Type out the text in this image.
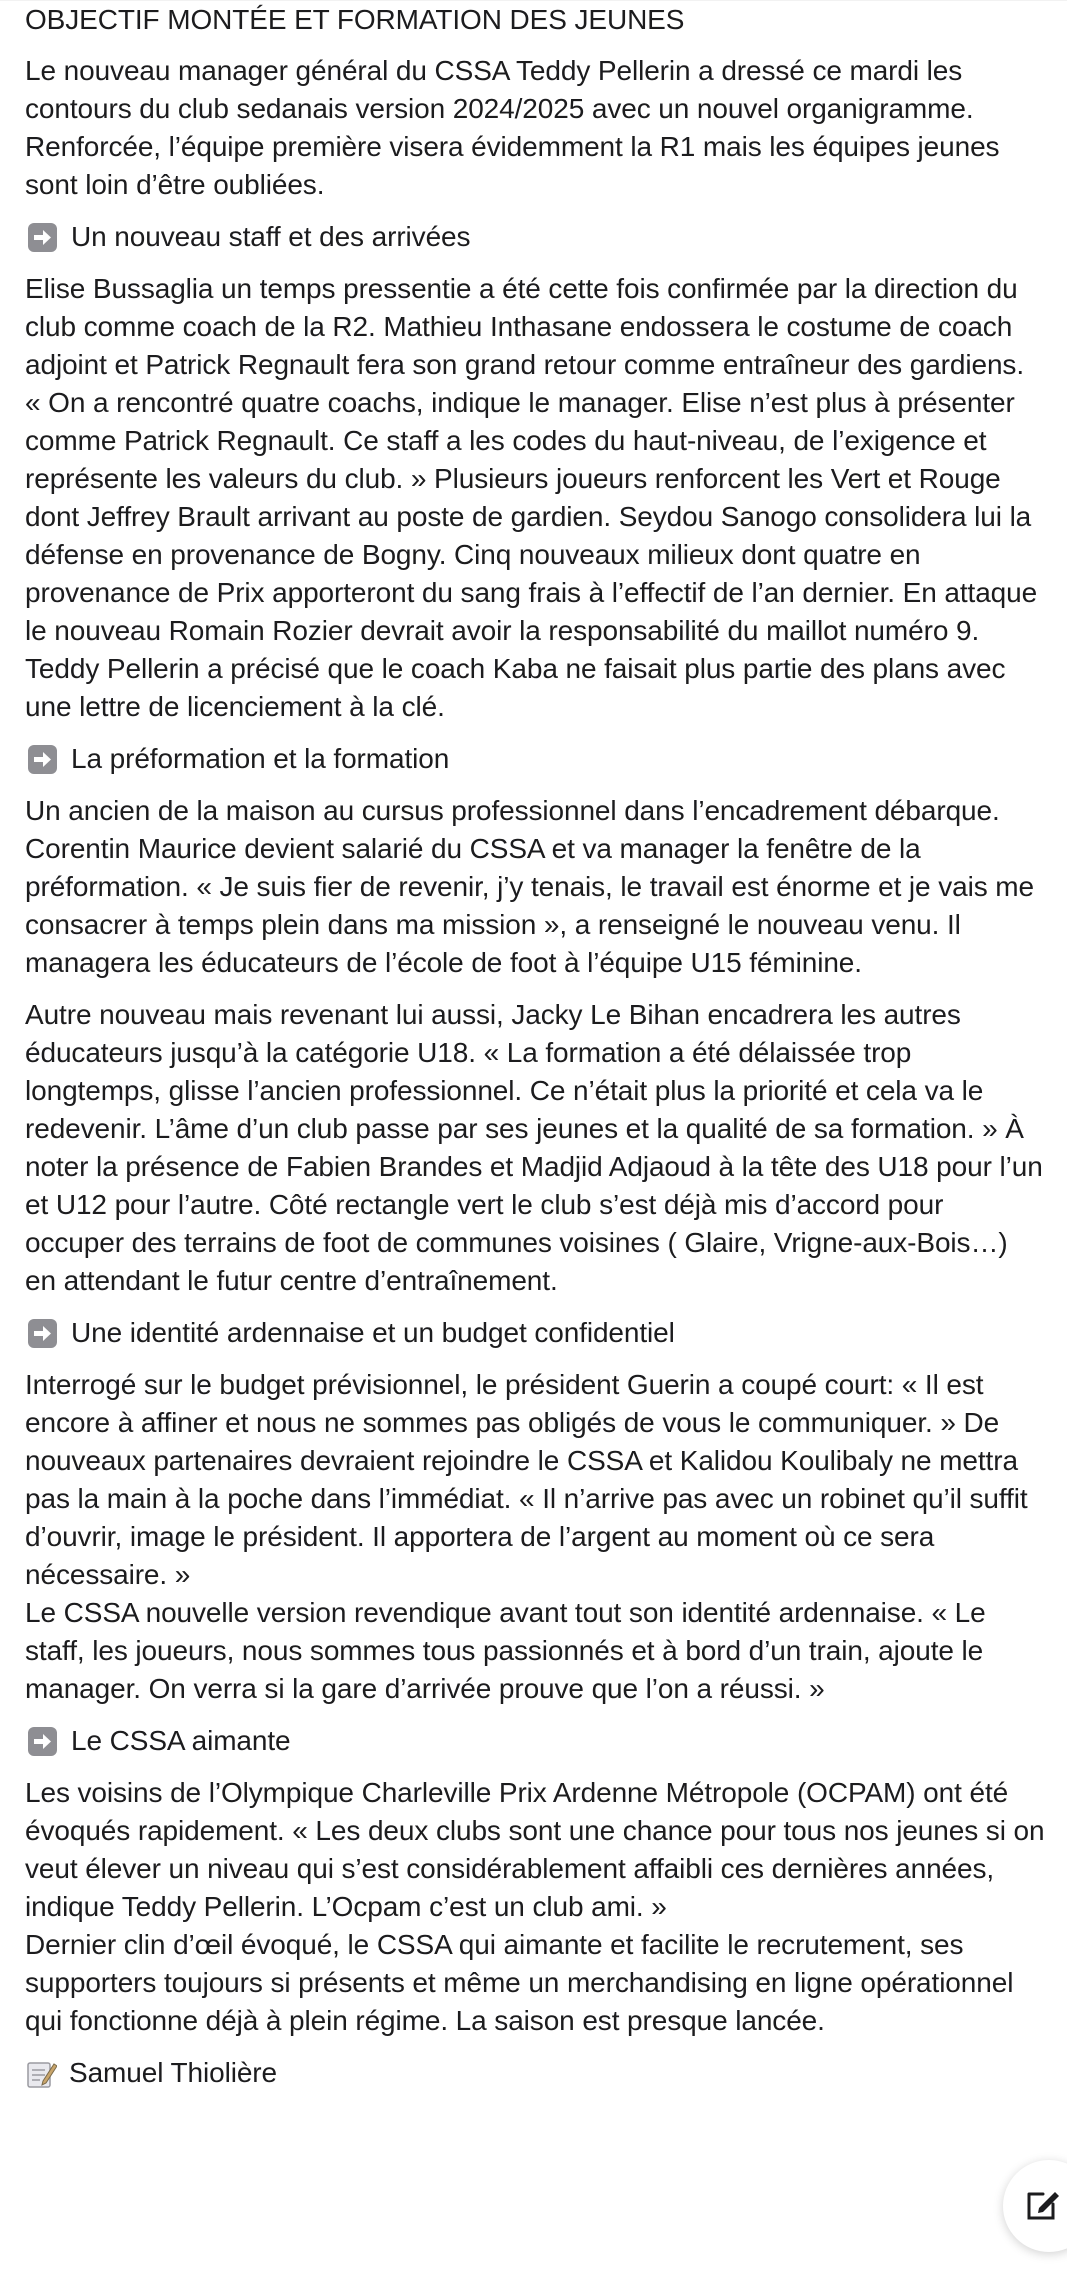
OBJECTIF MONTÉE ET FORMATION DES JEUNES

Le nouveau manager général du CSSA Teddy Pellerin a dressé ce mardi les contours du club sedanais version 2024/2025 avec un nouvel organigramme. Renforcée, l’équipe première visera évidemment la R1 mais les équipes jeunes sont loin d’être oubliées.

Un nouveau staff et des arrivées

Elise Bussaglia un temps pressentie a été cette fois confirmée par la direction du club comme coach de la R2. Mathieu Inthasane endossera le costume de coach adjoint et Patrick Regnault fera son grand retour comme entraîneur des gardiens. « On a rencontré quatre coachs, indique le manager. Elise n’est plus à présenter comme Patrick Regnault. Ce staff a les codes du haut-niveau, de l’exigence et représente les valeurs du club. » Plusieurs joueurs renforcent les Vert et Rouge dont Jeffrey Brault arrivant au poste de gardien. Seydou Sanogo consolidera lui la défense en provenance de Bogny. Cinq nouveaux milieux dont quatre en provenance de Prix apporteront du sang frais à l’effectif de l’an dernier. En attaque le nouveau Romain Rozier devrait avoir la responsabilité du maillot numéro 9. Teddy Pellerin a précisé que le coach Kaba ne faisait plus partie des plans avec une lettre de licenciement à la clé.

La préformation et la formation

Un ancien de la maison au cursus professionnel dans l’encadrement débarque. Corentin Maurice devient salarié du CSSA et va manager la fenêtre de la préformation. « Je suis fier de revenir, j’y tenais, le travail est énorme et je vais me consacrer à temps plein dans ma mission », a renseigné le nouveau venu. Il managera les éducateurs de l’école de foot à l’équipe U15 féminine.

Autre nouveau mais revenant lui aussi, Jacky Le Bihan encadrera les autres éducateurs jusqu’à la catégorie U18. « La formation a été délaissée trop longtemps, glisse l’ancien professionnel. Ce n’était plus la priorité et cela va le redevenir. L’âme d’un club passe par ses jeunes et la qualité de sa formation. » À noter la présence de Fabien Brandes et Madjid Adjaoud à la tête des U18 pour l’un et U12 pour l’autre. Côté rectangle vert le club s’est déjà mis d’accord pour occuper des terrains de foot de communes voisines ( Glaire, Vrigne-aux-Bois…) en attendant le futur centre d’entraînement.

Une identité ardennaise et un budget confidentiel

Interrogé sur le budget prévisionnel, le président Guerin a coupé court: « Il est encore à affiner et nous ne sommes pas obligés de vous le communiquer. » De nouveaux partenaires devraient rejoindre le CSSA et Kalidou Koulibaly ne mettra pas la main à la poche dans l’immédiat. « Il n’arrive pas avec un robinet qu’il suffit d’ouvrir, image le président. Il apportera de l’argent au moment où ce sera nécessaire. »
Le CSSA nouvelle version revendique avant tout son identité ardennaise. « Le staff, les joueurs, nous sommes tous passionnés et à bord d’un train, ajoute le manager. On verra si la gare d’arrivée prouve que l’on a réussi. »

Le CSSA aimante

Les voisins de l’Olympique Charleville Prix Ardenne Métropole (OCPAM) ont été évoqués rapidement. « Les deux clubs sont une chance pour tous nos jeunes si on veut élever un niveau qui s’est considérablement affaibli ces dernières années, indique Teddy Pellerin. L’Ocpam c’est un club ami. »
Dernier clin d’œil évoqué, le CSSA qui aimante et facilite le recrutement, ses supporters toujours si présents et même un merchandising en ligne opérationnel qui fonctionne déjà à plein régime. La saison est presque lancée.

Samuel Thiolière
